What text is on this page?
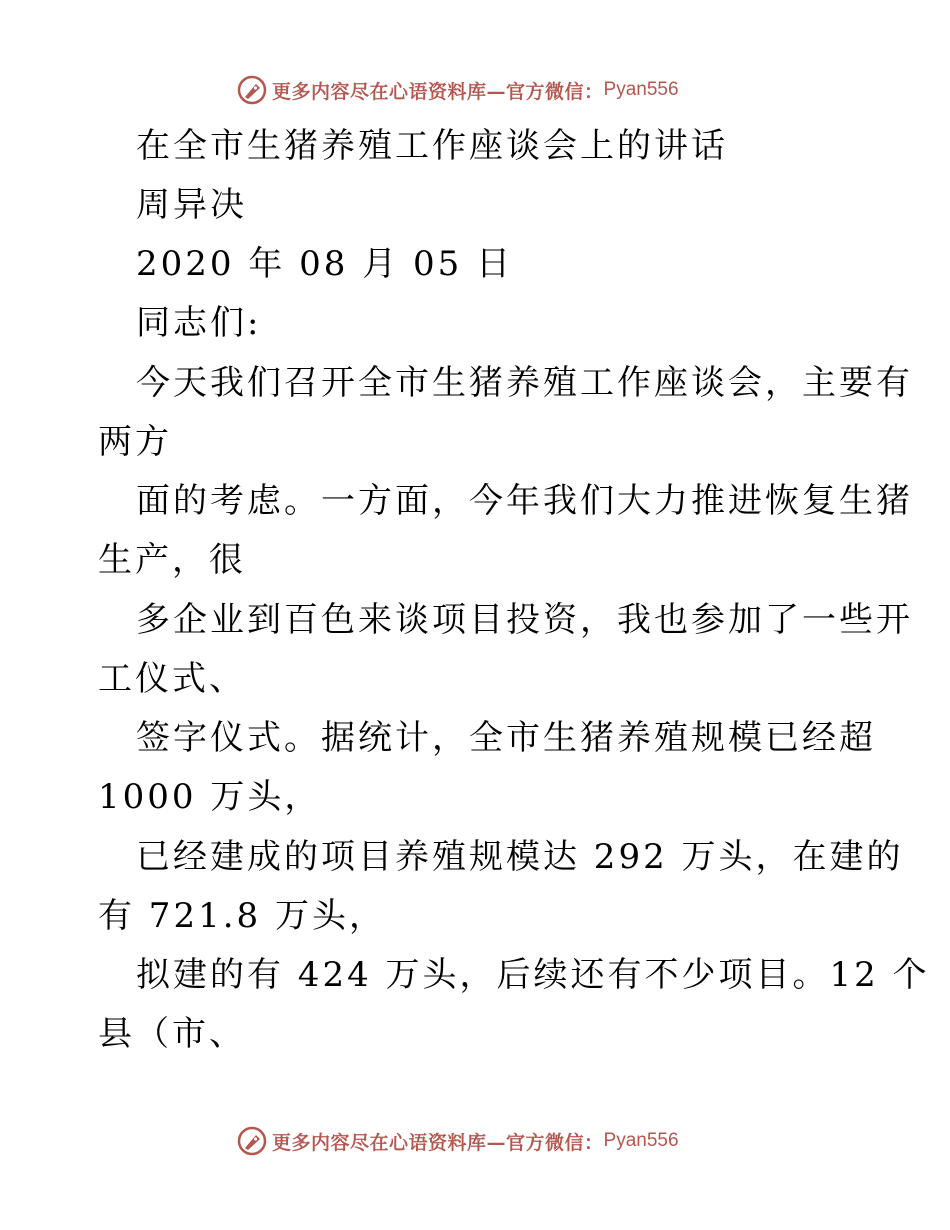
更多内容尽在心语资料库—官方微信： Pyan556
在全市生猪养殖工作座谈会上的讲话
周异决
2020 年 08 月 05 日
同志们:
今天我们召开全市生猪养殖工作座谈会，主要有
两方
面的考虑。一方面，今年我们大力推进恢复生猪
生产，很
多企业到百色来谈项目投资，我也参加了一些开
工仪式、
签字仪式。据统计，全市生猪养殖规模已经超
1000 万头，
已经建成的项目养殖规模达 292 万头，在建的
有 721.8 万头，
拟建的有 424 万头，后续还有不少项目。12 个
县（市、
更多内容尽在心语资料库—官方微信： Pyan556
